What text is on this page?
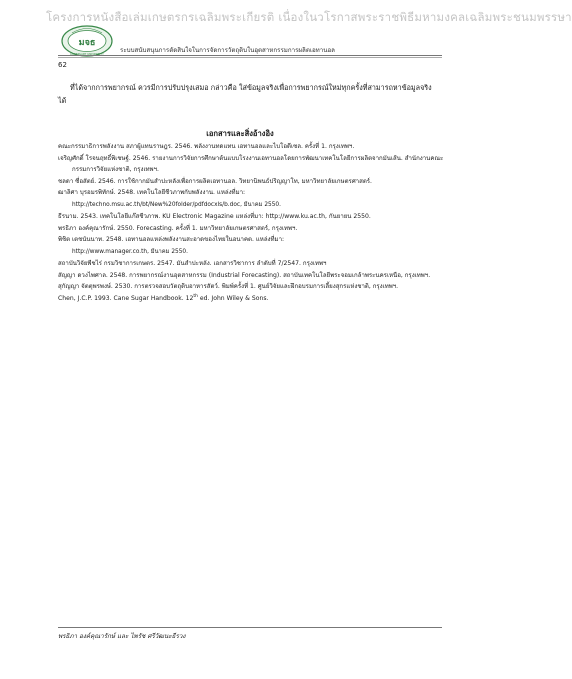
โครงการหนังสือเล่มเกษตรกรเฉลิมพระเกียรติ เนื่องในวโรกาสพระราชพิธีมหามงคลเฉลิมพระชนมพรรษา
มจธ
KASETSART UNIVERSITY	ระบบสนับสนุนการตัดสินใจในการจัดการวัตถุดิบในอุตสาหกรรมการผลิตเอทานอล
62
ที่ได้จากการพยากรณ์ ควรมีการปรับปรุงเสมอ กล่าวคือ ใส่ข้อมูลจริงเพื่อการพยากรณ์ใหม่ทุกครั้งที่สามารถหาข้อมูลจริงได้
เอกสารและสิ่งอ้างอิง
คณะกรรมาธิการพลังงาน สภาผู้แทนราษฎร. 2546. พลังงานทดแทน เอทานอลและไบโอดีเซล. ครั้งที่ 1. กรุงเทพฯ.
เจริญศักดิ์ โรจนฤทธิ์พิเชษฐ์. 2546. รายงานการวิจัยการศึกษาต้นแบบโรงงานเอทานอลโดยการพัฒนาเทคโนโลยีการผลิตจากมันเส้น. สำนักงานคณะกรรมการวิจัยแห่งชาติ, กรุงเทพฯ.
ชลดา ซื่อสัตย์. 2546. การใช้กากมันสำปะหลังเพื่อการผลิตเอทานอล. วิทยานิพนธ์ปริญญาโท, มหาวิทยาลัยเกษตรศาสตร์.
ฒาลิศา บุรอมรพิทักษ์. 2548. เทคโนโลยีชีวภาพกับพลังงาน. แหล่งที่มา:
http://techno.msu.ac.th/bt/New%20folder/pdfdocxls/b.doc, มีนาคม 2550.
ธีรนาม. 2543. เทคโนโลยีแก๊สชีวภาพ. KU Electronic Magazine แหล่งที่มา: http://www.ku.ac.th, กันยายน 2550.
พรธิภา องค์คุณารักษ์. 2550. Forecasting. ครั้งที่ 1. มหาวิทยาลัยเกษตรศาสตร์, กรุงเทพฯ.
พิชิต เตชนันนาท. 2548. เอทานอลแหล่งพลังงานสะอาดของไทยในอนาคต. แหล่งที่มา:
http://www.manager.co.th, มีนาคม 2550.
สถาบันวิจัยพืชไร่ กรมวิชาการเกษตร. 2547. มันสำปะหลัง. เอกสารวิชาการ ลำดับที่ 7/2547. กรุงเทพฯ
สัญญา ดวงไพศาล. 2548. การพยากรณ์งานอุตสาหกรรม (Industrial Forecasting). สถาบันเทคโนโลยีพระจอมเกล้าพระนครเหนือ, กรุงเทพฯ.
สุกัญญา จัตตุพรพงษ์. 2530. การตรวจสอบวัตถุดิบอาหารสัตว์. พิมพ์ครั้งที่ 1. ศูนย์วิจัยและฝึกอบรมการเลี้ยงสุกรแห่งชาติ, กรุงเทพฯ.
Chen, J.C.P. 1993. Cane Sugar Handbook. 12th ed. John Wiley & Sons.
พรธิภา องค์คุณารักษ์ และ ไพรัช ศรีวัฒนะธีรวง
